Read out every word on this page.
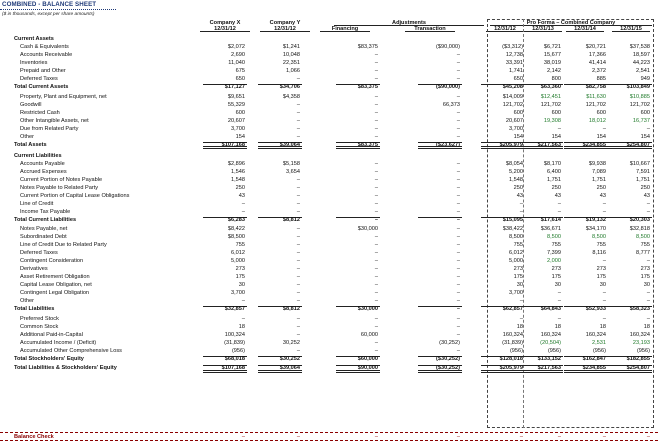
COMBINED - BALANCE SHEET
($ in thousands, except per share amounts)
Adjustments	Pro Forma – Combined Company
Company X
12/31/12
Company Y
12/31/12	Financing	Transaction	12/31/12	12/31/13	12/31/14	12/31/15
Current Assets
Cash & Equivalents	$2,072	$1,241	$83,375	($90,000)	($3,312)	$6,721	$20,721	$37,538
Accounts Receivable	2,690	10,048	–	–	12,738	15,677	17,366	18,597
Inventories	11,040	22,351	–	–	33,391	38,019	41,414	44,223
Prepaid and Other	675	1,066	–	–	1,741	2,142	2,372	2,541
Deferred Taxes	650	–	–	–	650	800	885	949
Total Current Assets	$17,127	$34,706	$83,375	($90,000)	$45,208	$63,360	$82,758	$103,849
Property, Plant and Equipment, net	$9,651	$4,358	–	–	$14,009	$12,451	$11,630	$10,885
Goodwill	55,329	–	–	66,373	121,702	121,702	121,702	121,702
Restricted Cash	600	–	–	–	600	600	600	600
Other Intangible Assets, net	20,607	–	–	–	20,607	19,308	18,012	16,737
Due from Related Party	3,700	–	–	–	3,700	–	–	–
Other	154	–	–	–	154	154	154	154
Total Assets	$107,168	$39,064	$83,375	($23,627)	$205,979	$217,563	$234,855	$254,807
Current Liabilities
Accounts Payable	$2,896	$5,158	–	–	$8,054	$8,170	$9,938	$10,667
Accrued Expenses	1,546	3,654	–	–	5,200	6,400	7,089	7,591
Current Portion of Notes Payable	1,548	–	–	–	1,548	1,751	1,751	1,751
Notes Payable to Related Party	250	–	–	–	250	250	250	250
Current Portion of Capital Lease Obligations	43	–	–	–	43	43	43	43
Line of Credit	–	–	–	–	–	–	–	–
Income Tax Payable	–	–	–	–	–	–	–	–
Total Current Liabilities	$6,283	$8,812	–	–	$15,095	$17,614	$19,132	$20,303
Notes Payable, net	$8,422	–	$30,000	–	$38,422	$36,671	$34,170	$32,818
Subordinated Debt	$8,500	–	–	–	8,500	8,500	8,500	8,500
Line of Credit Due to Related Party	755	–	–	–	755	755	755	755
Deferred Taxes	6,012	–	–	–	6,012	7,399	8,116	8,777
Contingent Consideration	5,000	–	–	–	5,000	2,000	–	–
Derivatives	273	–	–	–	273	273	273	273
Asset Retirement Obligation	175	–	–	–	175	175	175	175
Capital Lease Obligation, net	30	–	–	–	30	30	30	30
Contingent Legal Obligation	3,700	–	–	–	3,700	–	–	–
Other	–	–	–	–	–	–	–	–
Total Liabilities	$32,857	$8,812	$30,000	–	$62,857	$64,843	$52,933	$58,323
Preferred Stock	–	–	–	–	–	–	–	–
Common Stock	18	–	–	–	18	18	18	18
Additional Paid-in-Capital	100,324	–	60,000	–	160,324	160,324	160,324	160,324
Accumulated Income / (Deficit)	(31,839)	30,252	–	(30,252)	(31,839)	(20,504)	2,531	23,193
Accumulated Other Comprehensive Loss	(956)	–	–	–	(956)	(956)	(956)	(956)
Total Stockholders' Equity	$68,018	$30,252	$60,000	($30,252)	$128,018	$133,152	$162,847	$182,855
Total Liabilities & Stockholders' Equity	$107,168	$39,064	$90,000	($30,252)	$205,979	$217,563	$234,855	$254,807
Balance Check	–	–	–	–	–	–	–	–
